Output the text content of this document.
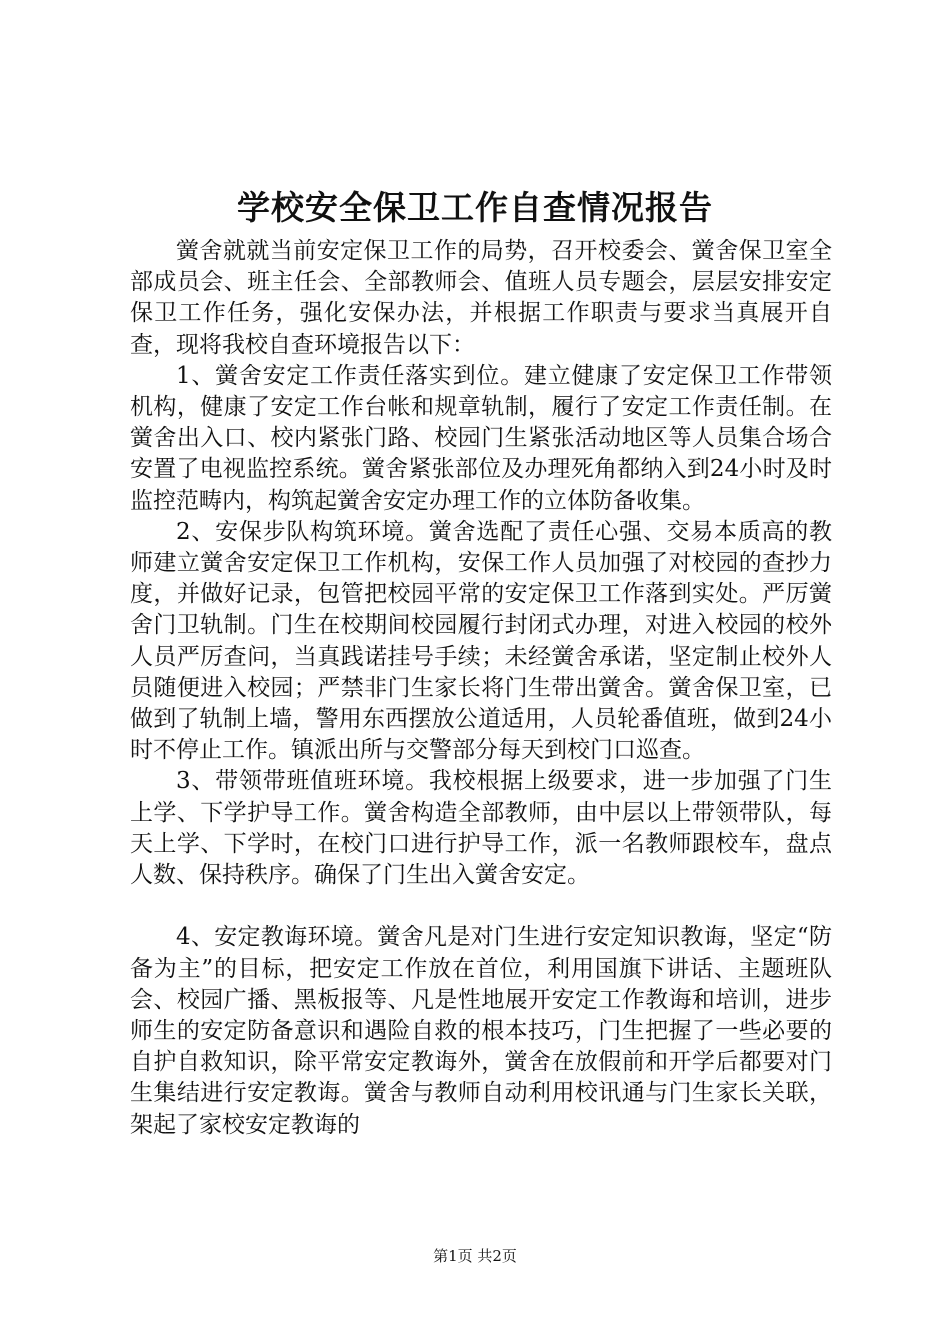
学校安全保卫工作自查情况报告

黉舍就就当前安定保卫工作的局势，召开校委会、黉舍保卫室全部成员会、班主任会、全部教师会、值班人员专题会，层层安排安定保卫工作任务，强化安保办法，并根据工作职责与要求当真展开自查，现将我校自查环境报告以下：

1、黉舍安定工作责任落实到位。建立健康了安定保卫工作带领机构，健康了安定工作台帐和规章轨制，履行了安定工作责任制。在黉舍出入口、校内紧张门路、校园门生紧张活动地区等人员集合场合安置了电视监控系统。黉舍紧张部位及办理死角都纳入到24小时及时监控范畴内，构筑起黉舍安定办理工作的立体防备收集。

2、安保步队构筑环境。黉舍选配了责任心强、交易本质高的教师建立黉舍安定保卫工作机构，安保工作人员加强了对校园的查抄力度，并做好记录，包管把校园平常的安定保卫工作落到实处。严厉黉舍门卫轨制。门生在校期间校园履行封闭式办理，对进入校园的校外人员严厉查问，当真践诺挂号手续；未经黉舍承诺，坚定制止校外人员随便进入校园；严禁非门生家长将门生带出黉舍。黉舍保卫室，已做到了轨制上墙，警用东西摆放公道适用，人员轮番值班，做到24小时不停止工作。镇派出所与交警部分每天到校门口巡查。

3、带领带班值班环境。我校根据上级要求，进一步加强了门生上学、下学护导工作。黉舍构造全部教师，由中层以上带领带队，每天上学、下学时，在校门口进行护导工作，派一名教师跟校车，盘点人数、保持秩序。确保了门生出入黉舍安定。

4、安定教诲环境。黉舍凡是对门生进行安定知识教诲，坚定“防备为主”的目标，把安定工作放在首位，利用国旗下讲话、主题班队会、校园广播、黑板报等、凡是性地展开安定工作教诲和培训，进步师生的安定防备意识和遇险自救的根本技巧，门生把握了一些必要的自护自救知识，除平常安定教诲外，黉舍在放假前和开学后都要对门生集结进行安定教诲。黉舍与教师自动利用校讯通与门生家长关联，架起了家校安定教诲的

第1页 共2页
